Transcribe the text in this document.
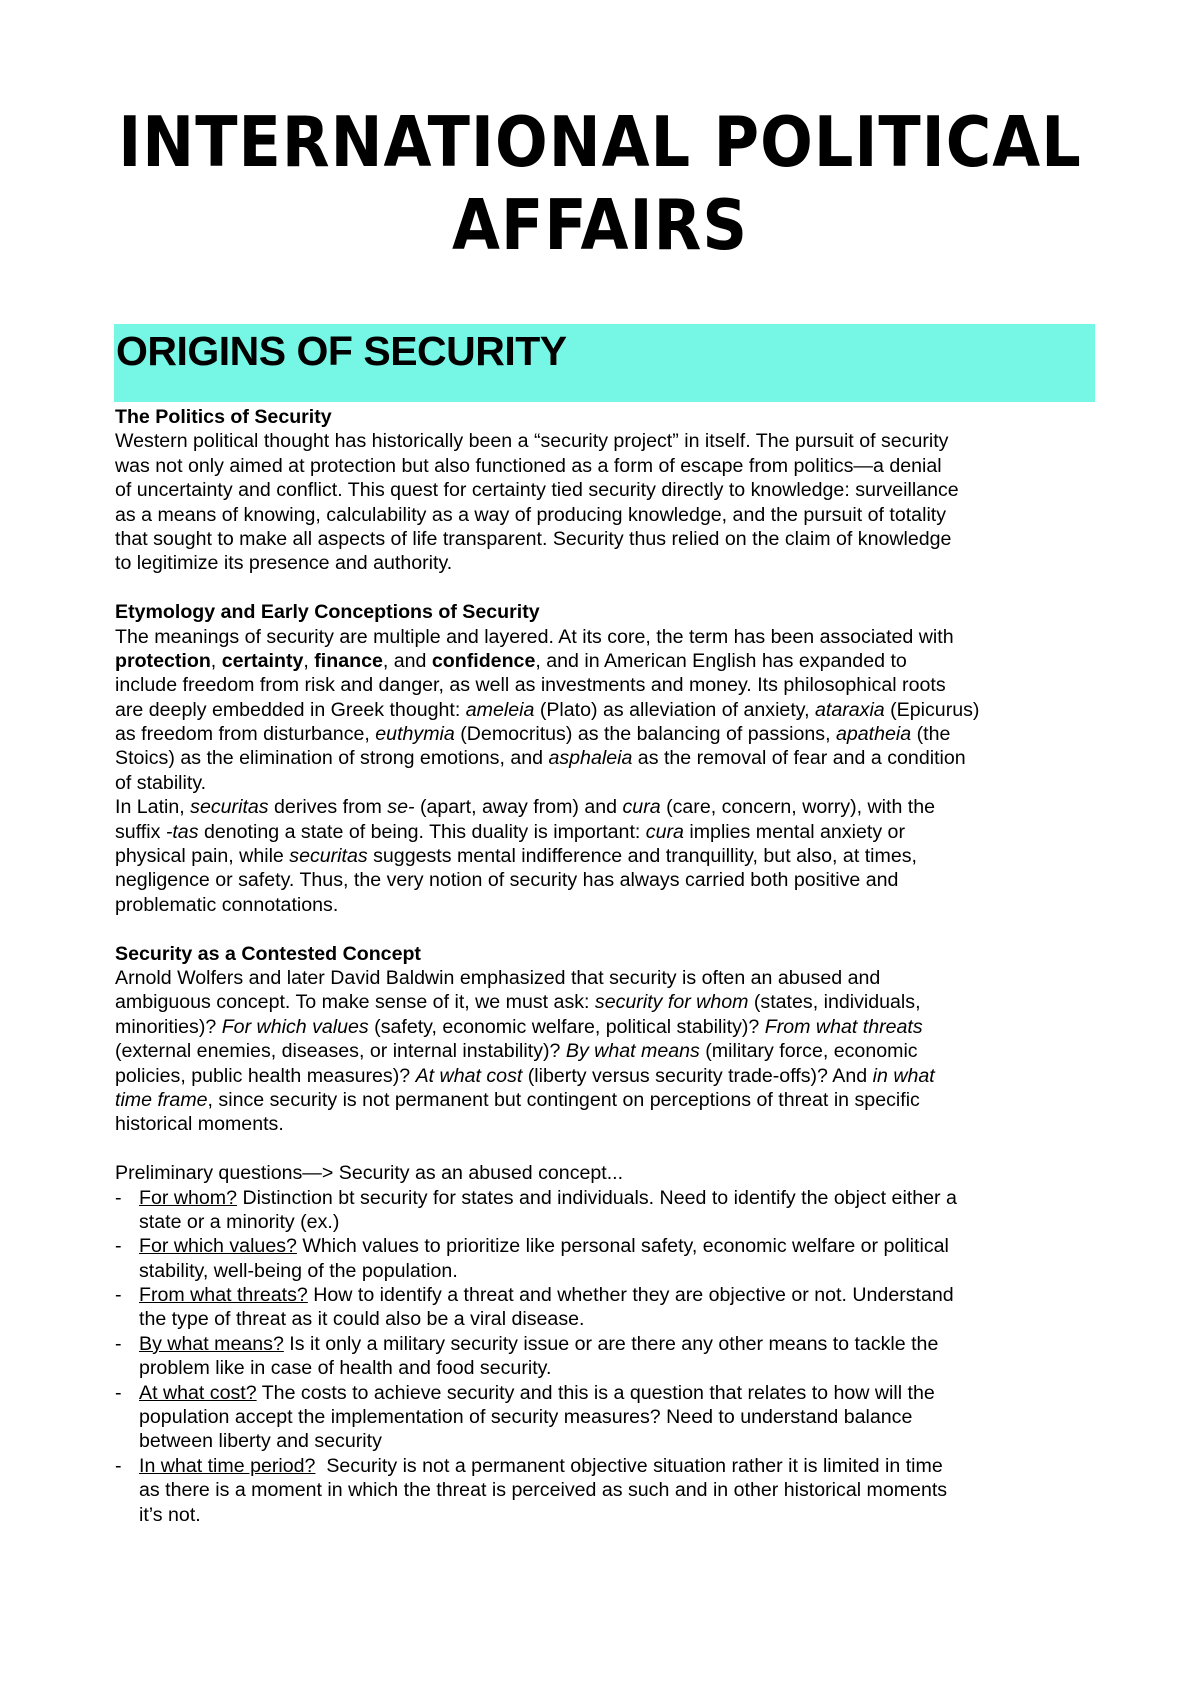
INTERNATIONAL POLITICAL
AFFAIRS
ORIGINS OF SECURITY
The Politics of Security
Western political thought has historically been a “security project” in itself. The pursuit of security
was not only aimed at protection but also functioned as a form of escape from politics—a denial
of uncertainty and conflict. This quest for certainty tied security directly to knowledge: surveillance
as a means of knowing, calculability as a way of producing knowledge, and the pursuit of totality
that sought to make all aspects of life transparent. Security thus relied on the claim of knowledge
to legitimize its presence and authority.
Etymology and Early Conceptions of Security
The meanings of security are multiple and layered. At its core, the term has been associated with
protection, certainty, finance, and confidence, and in American English has expanded to
include freedom from risk and danger, as well as investments and money. Its philosophical roots
are deeply embedded in Greek thought: ameleia (Plato) as alleviation of anxiety, ataraxia (Epicurus)
as freedom from disturbance, euthymia (Democritus) as the balancing of passions, apatheia (the
Stoics) as the elimination of strong emotions, and asphaleia as the removal of fear and a condition
of stability.
In Latin, securitas derives from se- (apart, away from) and cura (care, concern, worry), with the
suffix -tas denoting a state of being. This duality is important: cura implies mental anxiety or
physical pain, while securitas suggests mental indifference and tranquillity, but also, at times,
negligence or safety. Thus, the very notion of security has always carried both positive and
problematic connotations.
Security as a Contested Concept
Arnold Wolfers and later David Baldwin emphasized that security is often an abused and
ambiguous concept. To make sense of it, we must ask: security for whom (states, individuals,
minorities)? For which values (safety, economic welfare, political stability)? From what threats
(external enemies, diseases, or internal instability)? By what means (military force, economic
policies, public health measures)? At what cost (liberty versus security trade-offs)? And in what
time frame, since security is not permanent but contingent on perceptions of threat in specific
historical moments.
Preliminary questions—> Security as an abused concept...
- For whom? Distinction bt security for states and individuals. Need to identify the object either a
state or a minority (ex.)
- For which values? Which values to prioritize like personal safety, economic welfare or political
stability, well-being of the population.
- From what threats? How to identify a threat and whether they are objective or not. Understand
the type of threat as it could also be a viral disease.
- By what means? Is it only a military security issue or are there any other means to tackle the
problem like in case of health and food security.
- At what cost? The costs to achieve security and this is a question that relates to how will the
population accept the implementation of security measures? Need to understand balance
between liberty and security
- In what time period?  Security is not a permanent objective situation rather it is limited in time
as there is a moment in which the threat is perceived as such and in other historical moments
it’s not.
